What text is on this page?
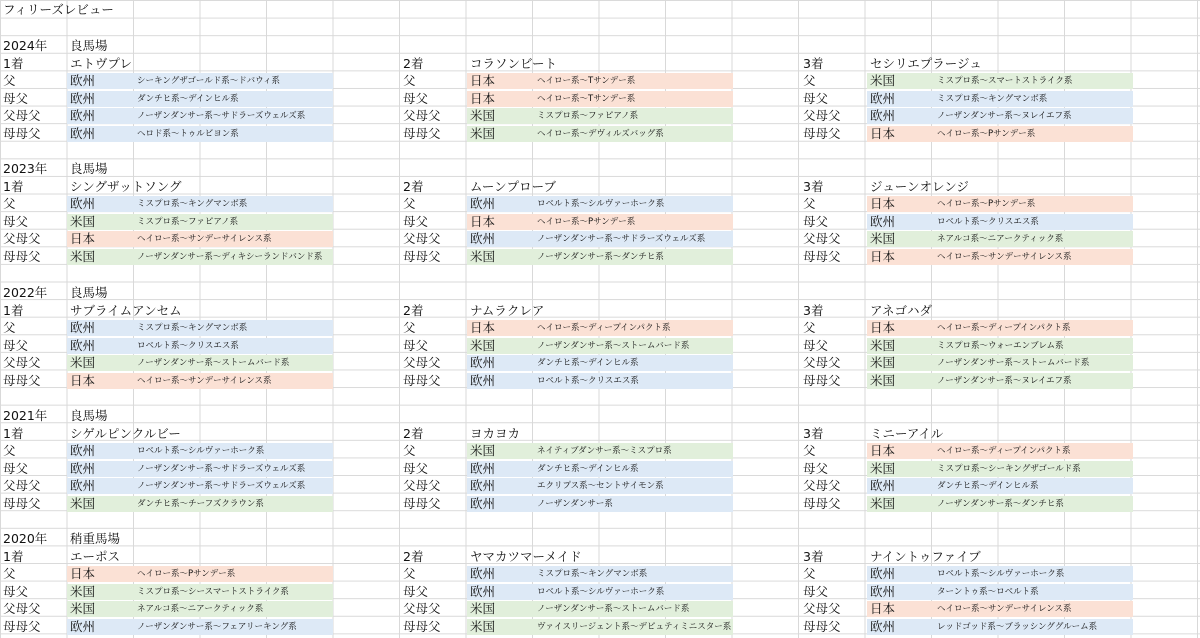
フィリーズレビュー
2024年 良馬場
1着	エトヴプレ
父	欧州	シーキングザゴールド系〜ドバウィ系
母父	欧州	ダンチヒ系〜デインヒル系
父母父 欧州	ノーザンダンサー系〜サドラーズウェルズ系
母母父 欧州	ヘロド系〜トゥルビヨン系
2着	コラソンビート
父	日本	ヘイロー系〜Tサンデー系
母父	日本	ヘイロー系〜Tサンデー系
父母父 米国	ミスプロ系〜ファピアノ系
母母父 米国	ヘイロー系〜デヴィルズバッグ系
3着	セシリエプラージュ
父	米国	ミスプロ系〜スマートストライク系
母父	欧州	ミスプロ系〜キングマンボ系
父母父 欧州	ノーザンダンサー系〜ヌレイエフ系
母母父 日本	ヘイロー系〜Pサンデー系
2023年 良馬場
1着	シングザットソング
父	欧州	ミスプロ系〜キングマンボ系
母父	米国	ミスプロ系〜ファピアノ系
父母父 日本	ヘイロー系〜サンデーサイレンス系
母母父 米国	ノーザンダンサー系〜ディキシーランドバンド系
2着	ムーンプローブ
父	欧州	ロベルト系〜シルヴァーホーク系
母父	日本	ヘイロー系〜Pサンデー系
父母父 欧州	ノーザンダンサー系〜サドラーズウェルズ系
母母父 米国	ノーザンダンサー系〜ダンチヒ系
3着	ジューンオレンジ
父	日本	ヘイロー系〜Pサンデー系
母父	欧州	ロベルト系〜クリスエス系
父母父 米国	ネアルコ系〜ニアークティック系
母母父 日本	ヘイロー系〜サンデーサイレンス系
2022年 良馬場
1着	サブライムアンセム
父	欧州	ミスプロ系〜キングマンボ系
母父	欧州	ロベルト系〜クリスエス系
父母父 米国	ノーザンダンサー系〜ストームバード系
母母父 日本	ヘイロー系〜サンデーサイレンス系
2着	ナムラクレア
父	日本	ヘイロー系〜ディープインパクト系
母父	米国	ノーザンダンサー系〜ストームバード系
父母父 欧州	ダンチヒ系〜デインヒル系
母母父 欧州	ロベルト系〜クリスエス系
3着	アネゴハダ
父	日本	ヘイロー系〜ディープインパクト系
母父	米国	ミスプロ系〜ウォーエンブレム系
父母父 米国	ノーザンダンサー系〜ストームバード系
母母父 米国	ノーザンダンサー系〜ヌレイエフ系
2021年 良馬場
1着	シゲルピンクルビー
父	欧州	ロベルト系〜シルヴァーホーク系
母父	欧州	ノーザンダンサー系〜サドラーズウェルズ系
父母父 欧州	ノーザンダンサー系〜サドラーズウェルズ系
母母父 米国	ダンチヒ系〜チーフズクラウン系
2着	ヨカヨカ
父	米国	ネイティブダンサー系〜ミスプロ系
母父	欧州	ダンチヒ系〜デインヒル系
父母父 欧州	エクリプス系〜セントサイモン系
母母父 欧州	ノーザンダンサー系
3着	ミニーアイル
父	日本	ヘイロー系〜ディープインパクト系
母父	米国	ミスプロ系〜シーキングザゴールド系
父母父 欧州	ダンチヒ系〜デインヒル系
母母父 米国	ノーザンダンサー系〜ダンチヒ系
2020年 稍重馬場
1着	エーポス
父	日本	ヘイロー系〜Pサンデー系
母父	米国	ミスプロ系〜シースマートストライク系
父母父 米国	ネアルコ系〜ニアークティック系
母母父 欧州	ノーザンダンサー系〜フェアリーキング系
2着	ヤマカツマーメイド
父	欧州	ミスプロ系〜キングマンボ系
母父	欧州	ロベルト系〜シルヴァーホーク系
父母父 米国	ノーザンダンサー系〜ストームバード系
母母父 米国	ヴァイスリージェント系〜デピュティミニスター系
3着	ナイントゥファイブ
父	欧州	ロベルト系〜シルヴァーホーク系
母父	欧州	ターントゥ系〜ロベルト系
父母父 日本	ヘイロー系〜サンデーサイレンス系
母母父 欧州	レッドゴッド系〜ブラッシンググルーム系
